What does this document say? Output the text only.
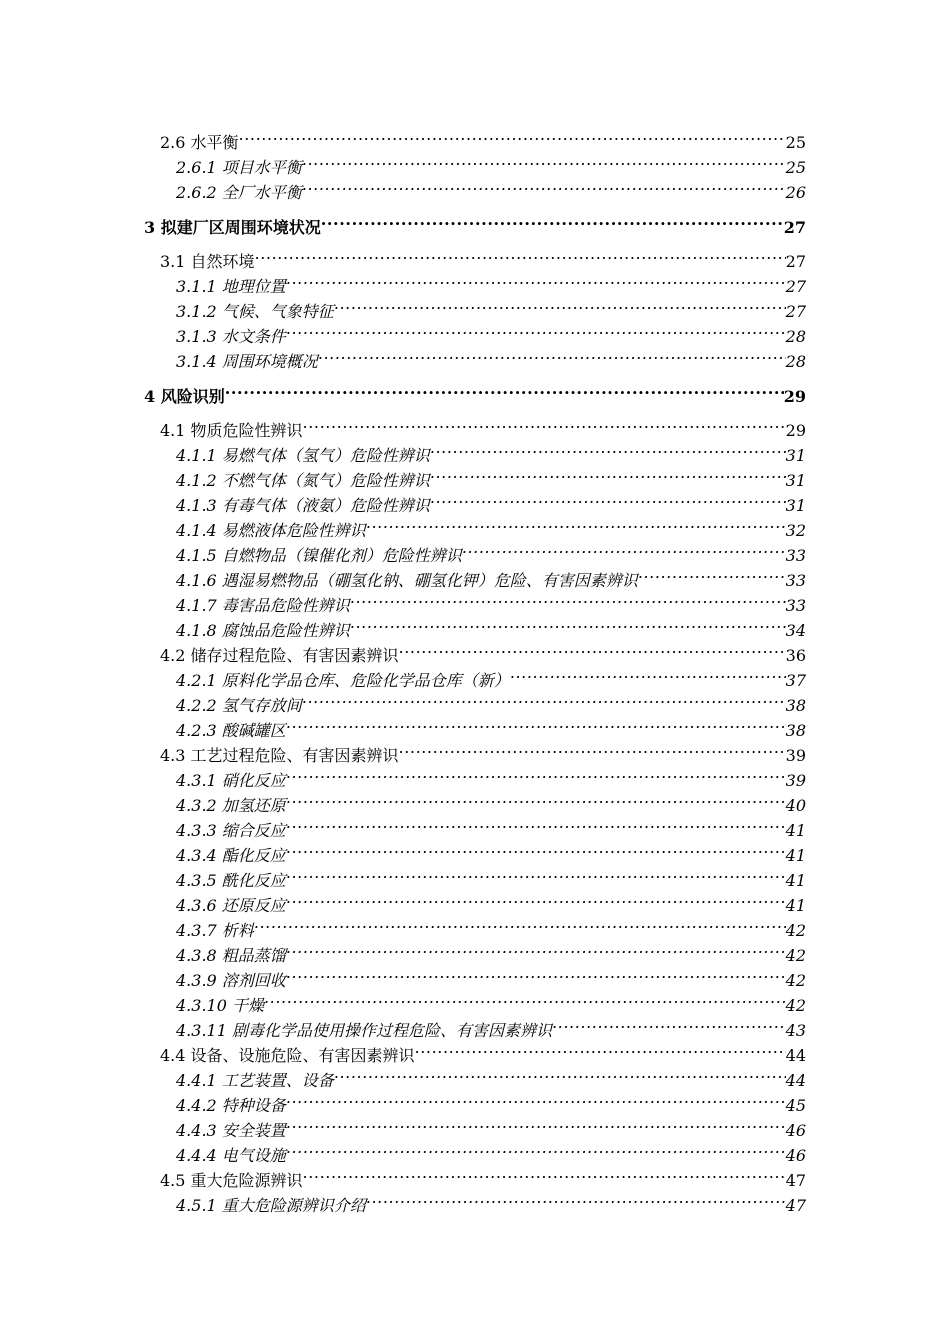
2.6 水平衡 .....	25
2.6.1 项目水平衡 .....	25
2.6.2 全厂水平衡 .....	26
3 拟建厂区周围环境状况 .....	27
3.1 自然环境 .....	27
3.1.1 地理位置 .....	27
3.1.2 气候、气象特征 .....	27
3.1.3 水文条件 .....	28
3.1.4 周围环境概况 .....	28
4 风险识别 .....	29
4.1 物质危险性辨识 .....	29
4.1.1 易燃气体（氢气）危险性辨识 .....	31
4.1.2 不燃气体（氮气）危险性辨识 .....	31
4.1.3 有毒气体（液氨）危险性辨识 .....	31
4.1.4 易燃液体危险性辨识 .....	32
4.1.5 自燃物品（镍催化剂）危险性辨识 .....	33
4.1.6 遇湿易燃物品（硼氢化钠、硼氢化钾）危险、有害因素辨识 .....	33
4.1.7 毒害品危险性辨识 .....	33
4.1.8 腐蚀品危险性辨识 .....	34
4.2 储存过程危险、有害因素辨识 .....	36
4.2.1 原料化学品仓库、危险化学品仓库（新） .....	37
4.2.2 氢气存放间 .....	38
4.2.3 酸碱罐区 .....	38
4.3 工艺过程危险、有害因素辨识 .....	39
4.3.1 硝化反应 .....	39
4.3.2 加氢还原 .....	40
4.3.3 缩合反应 .....	41
4.3.4 酯化反应 .....	41
4.3.5 酰化反应 .....	41
4.3.6 还原反应 .....	41
4.3.7 析料 .....	42
4.3.8 粗品蒸馏 .....	42
4.3.9 溶剂回收 .....	42
4.3.10 干燥 .....	42
4.3.11 剧毒化学品使用操作过程危险、有害因素辨识 .....	43
4.4 设备、设施危险、有害因素辨识 .....	44
4.4.1 工艺装置、设备 .....	44
4.4.2 特种设备 .....	45
4.4.3 安全装置 .....	46
4.4.4 电气设施 .....	46
4.5 重大危险源辨识 .....	47
4.5.1 重大危险源辨识介绍 .....	47
